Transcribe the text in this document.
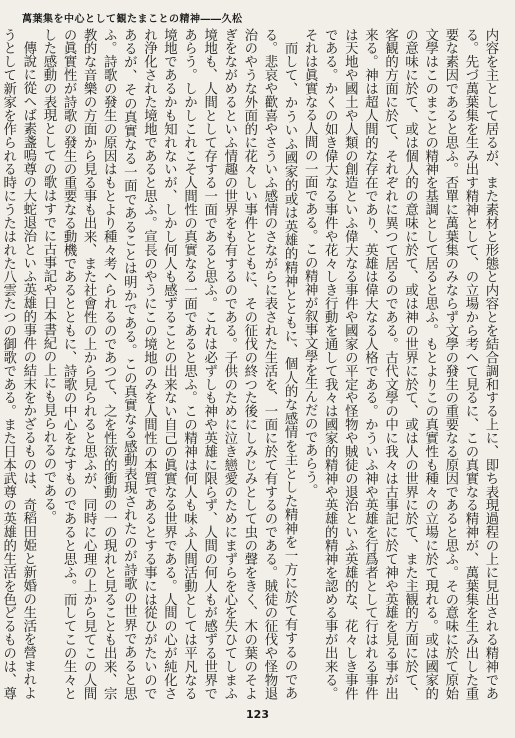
萬葉集を中心として観たまことの精神――久松

内容を主として居るが、また素材と形態と内容とを結合調和する上に、即ち表現過程の上に見出される精神である。先づ萬葉集を生み出す精神として、の立場から考へて見るに、この真實なる精神が、萬葉集を生み出した重要な素因であると思ふ。否單に萬葉集のみならず文學の發生の重要なる原因であると思ふ。その意味に於て原始文學はこのまことの精神を基調として居ると思ふ。もとよりこの真實性も種々の立場に於て現れる。或は國家的の意味に於て、或は個人的の意味に於て、或は神の世界に於て、或は人の世界に於て、また主観的方面に於て、客観的方面に於て、それぞれに異つて居るのである。古代文學の中に我々は古事記に於て神や英雄を見る事が出来る。神は超人間的な存在であり、英雄は偉大なる人格である。かういふ神や英雄を行爲者として行はれる事件は天地や國土や人類の創造といふ偉大なる事件や國家の平定や怪物や賊徒の退治といふ英雄的な、花々しき事件である。かくの如き偉大なる事件や花々しき行動を通して我々は國家的精神や英雄的精神を認める事が出来る。それは眞實なる人間の一面である。この精神が叙事文學を生んだのであらう。

而して、かういふ國家的或は英雄的精神とともに、個人的な感情を主とした精神を一方に於て有するのである。悲哀や歡喜やさういふ感情のさながらに表された生活を、一面に於て有するのである。賊徒の征伐や怪物退治のやうな外面的に花々しい事件とともに、その征伐の終つた後にしみじみとして虫の聲をきく、木の葉のそよぎをながめるといふ情趣の世界をも有するのである。子供のために泣き戀愛のためにまずらを心を失ひてしまふ境地も、人間として存する一面であると思ふ。これは必ずしも神や英雄に限らず、人間の何人もが感ずる世界であらう。しかしこれこそ人間性の真實なる一面であると思ふ。この精神は何人も味ふ人間活動としては平凡なる境地であるかも知れないが、しかし何人も感ずることの出来ない自己の眞實なる世界である。人間の心が純化され浄化された境地であると思ふ。宣長のやうにこの境地のみを人間性の本質であるとする事には從ひがたいのであるが、その真實なる一面であることは明かである。この真實なる感動表現されたのが詩歌の世界であると思ふ。詩歌の發生の原因はもとより種々考へられるのであつて、之を性欲的衝動の一の現れと見ることも出来、宗教的な音樂の方面から見る事も出来、また社會性の上から見られると思ふが、同時に心理の上から見てこの人間の眞實性が詩歌の發生の重要なる動機であるとともに、詩歌の中心をなすものであると思ふ。而してこの生々とした感動の表現としての歌はすでに古事記や日本書紀の上にも見られるのである。

傳說に從へば素盞嗚尊の大蛇退治といふ英雄的事件の結末をかざるものは、奇稻田姫と新婚の生活を營まれようとして新家を作られる時にうたはれた八雲たつの御歌である。また日本武尊の英雄的生活を色どるものは、尊

123
